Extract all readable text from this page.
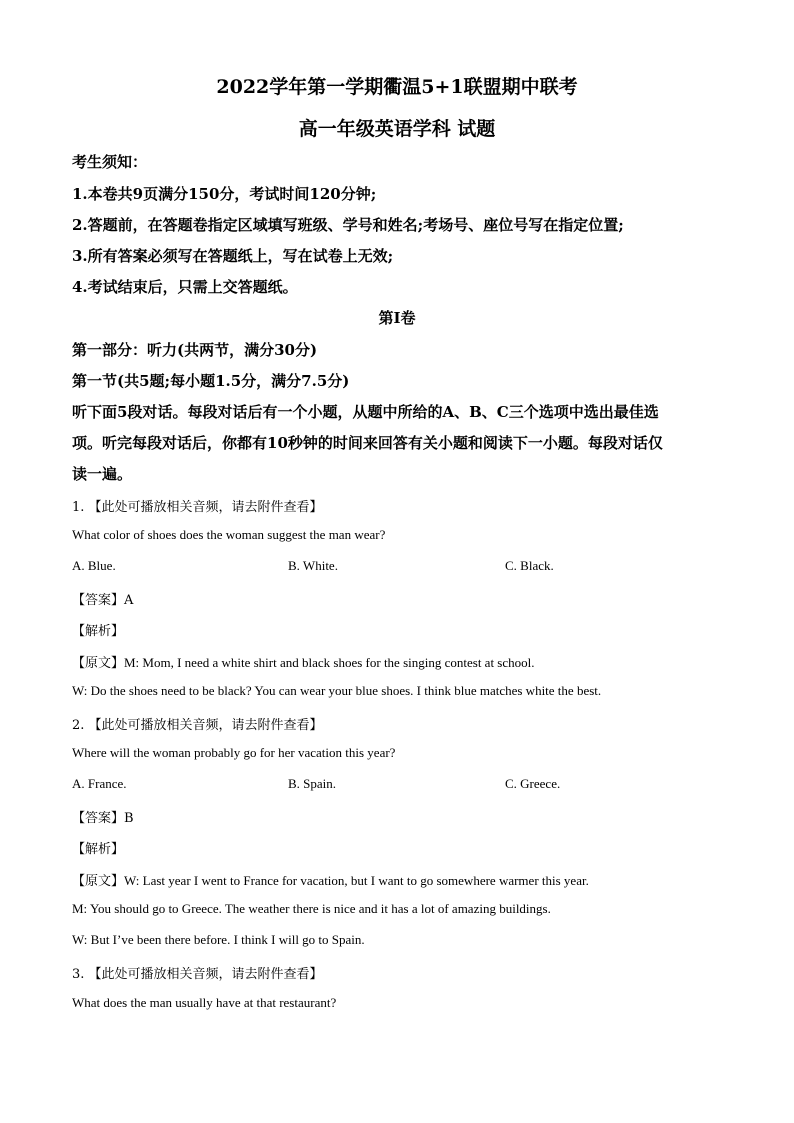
2022学年第一学期衢温5+1联盟期中联考
高一年级英语学科 试题
考生须知：
1.本卷共9页满分150分，考试时间120分钟;
2.答题前，在答题卷指定区域填写班级、学号和姓名;考场号、座位号写在指定位置;
3.所有答案必须写在答题纸上，写在试卷上无效;
4.考试结束后，只需上交答题纸。
第I卷
第一部分：听力(共两节，满分30分)
第一节(共5题;每小题1.5分，满分7.5分)
听下面5段对话。每段对话后有一个小题，从题中所给的A、B、C三个选项中选出最佳选
项。听完每段对话后，你都有10秒钟的时间来回答有关小题和阅读下一小题。每段对话仅
读一遍。
1. 【此处可播放相关音频，请去附件查看】
What color of shoes does the woman suggest the man wear?
A. Blue.	B. White.	C. Black.
【答案】A
【解析】
【原文】M: Mom, I need a white shirt and black shoes for the singing contest at school.
W: Do the shoes need to be black? You can wear your blue shoes. I think blue matches white the best.
2. 【此处可播放相关音频，请去附件查看】
Where will the woman probably go for her vacation this year?
A. France.	B. Spain.	C. Greece.
【答案】B
【解析】
【原文】W: Last year I went to France for vacation, but I want to go somewhere warmer this year.
M: You should go to Greece. The weather there is nice and it has a lot of amazing buildings.
W: But I’ve been there before. I think I will go to Spain.
3. 【此处可播放相关音频，请去附件查看】
What does the man usually have at that restaurant?
